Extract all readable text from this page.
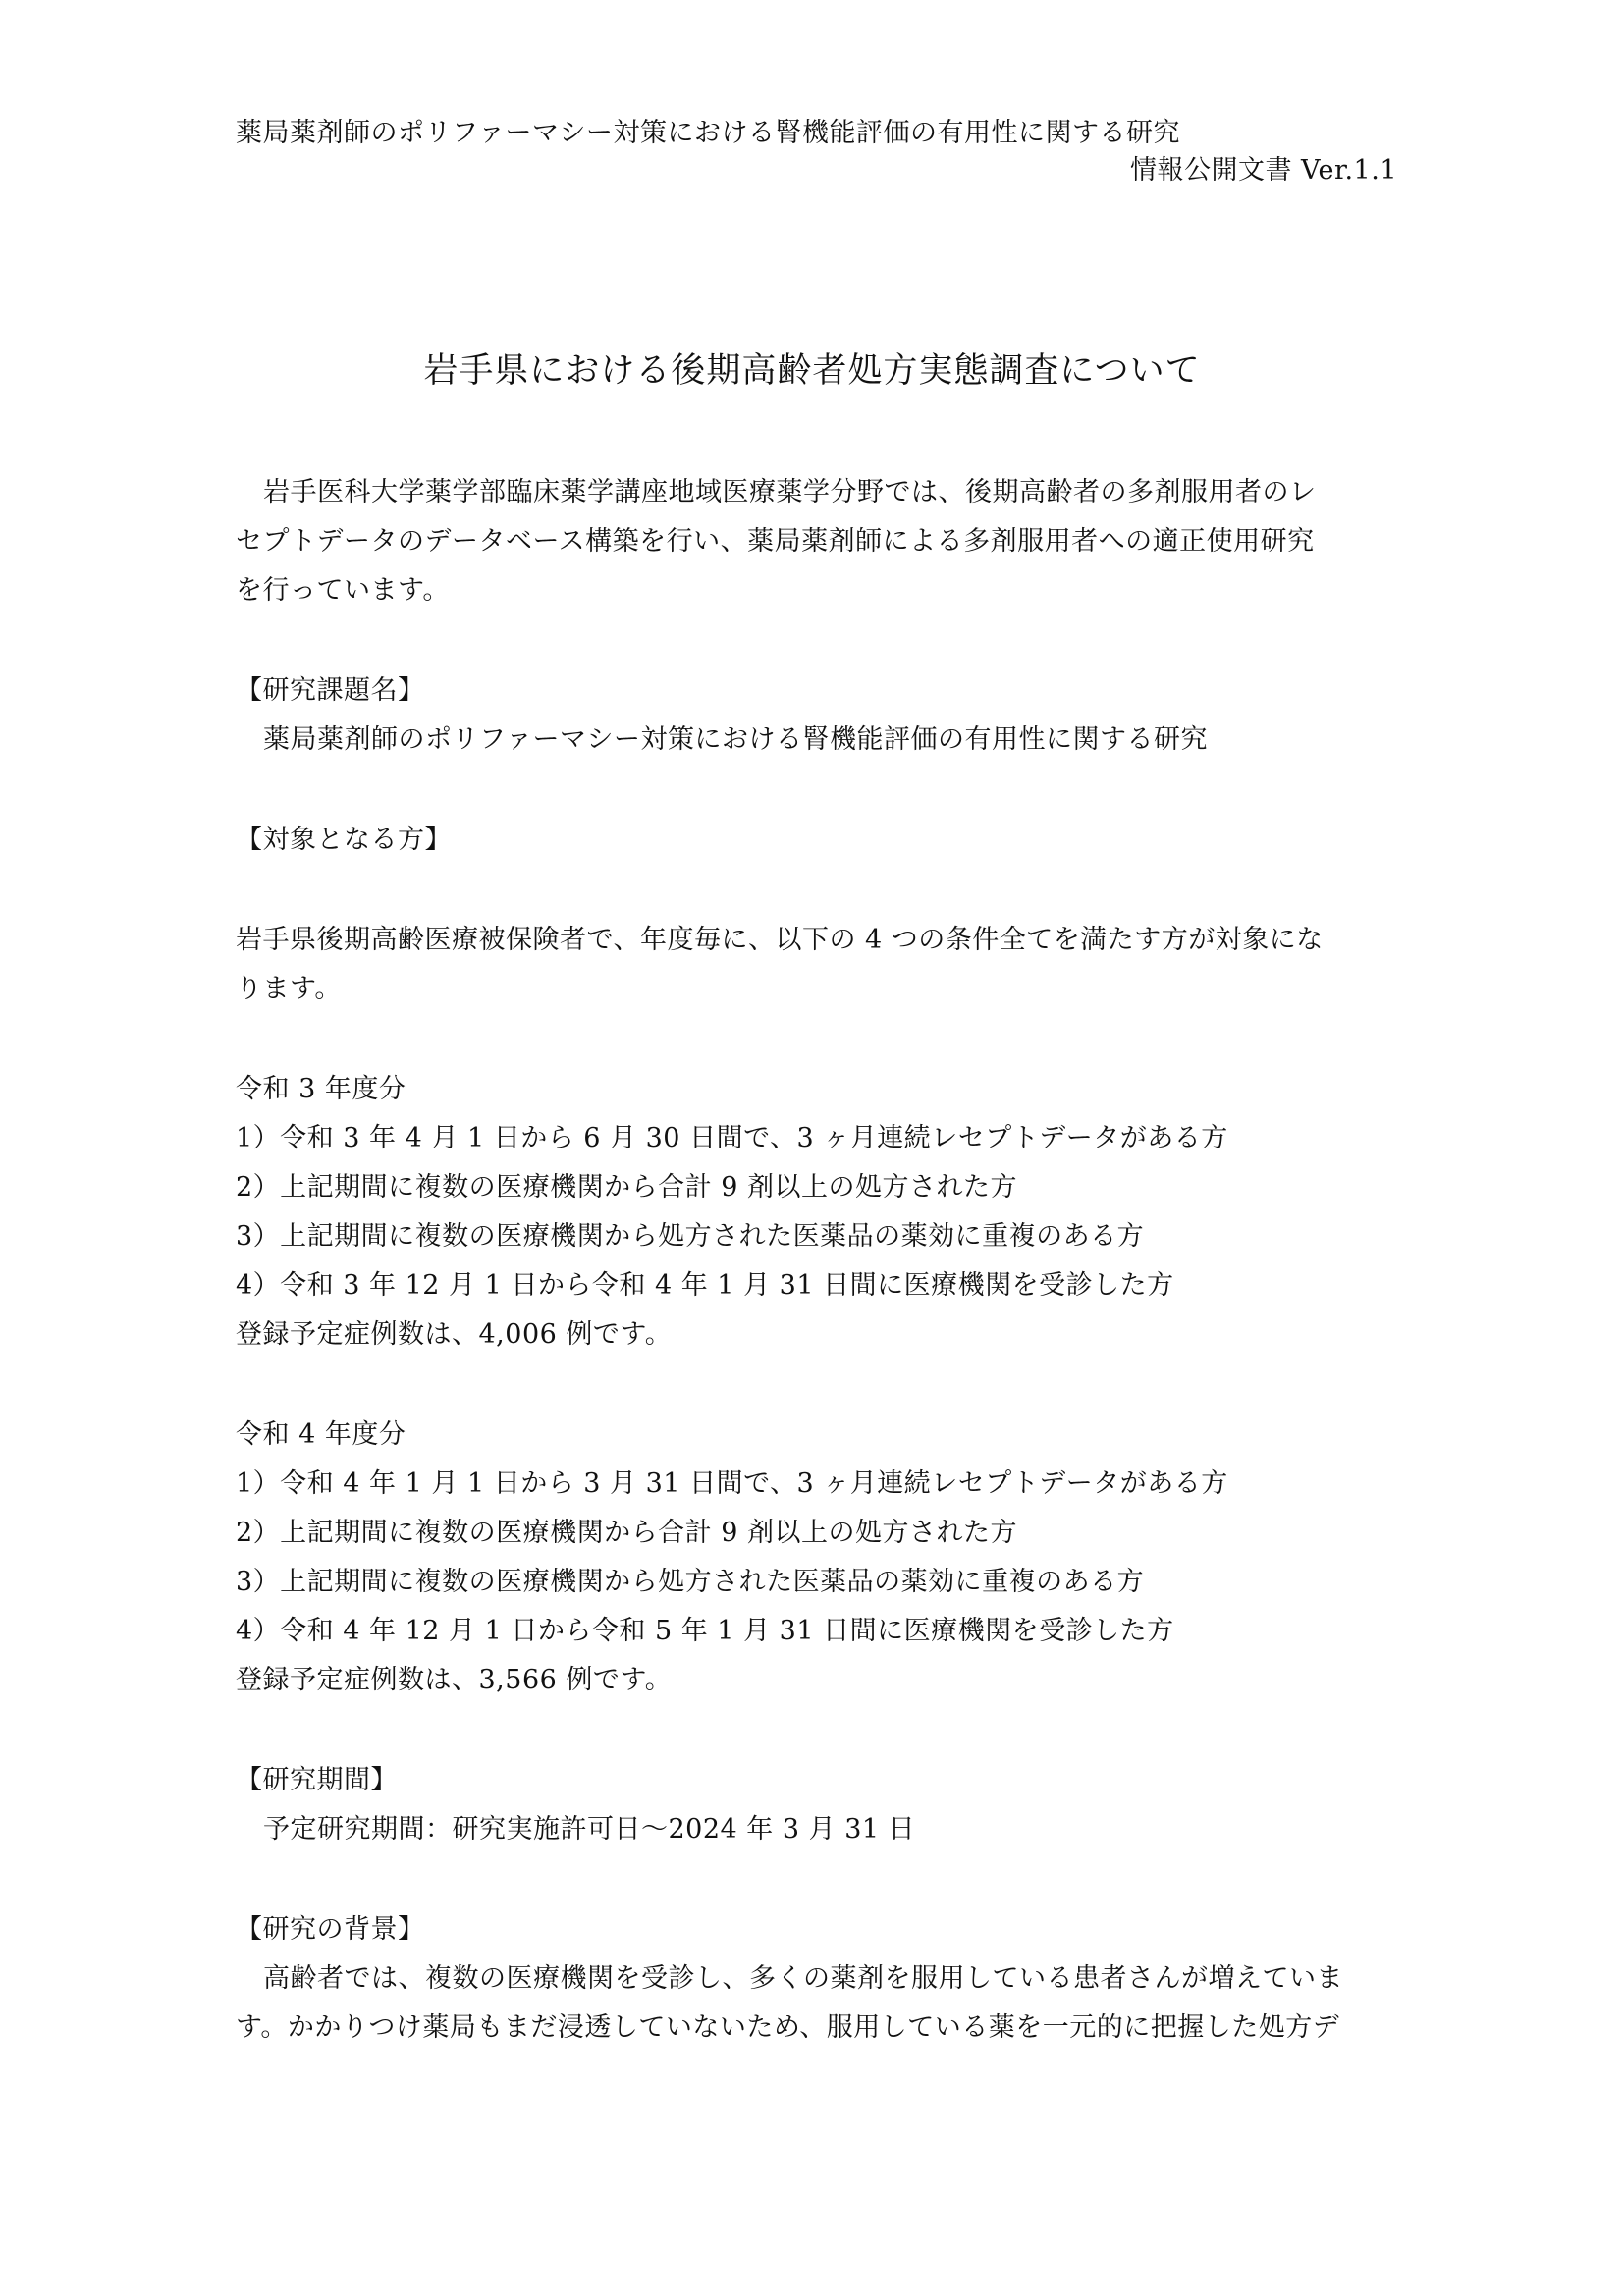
薬局薬剤師のポリファーマシー対策における腎機能評価の有用性に関する研究
情報公開文書 Ver.1.1
岩手県における後期高齢者処方実態調査について
岩手医科大学薬学部臨床薬学講座地域医療薬学分野では、後期高齢者の多剤服用者のレ
セプトデータのデータベース構築を行い、薬局薬剤師による多剤服用者への適正使用研究
を行っています。
【研究課題名】
薬局薬剤師のポリファーマシー対策における腎機能評価の有用性に関する研究
【対象となる方】
岩手県後期高齢医療被保険者で、年度毎に、以下の 4 つの条件全てを満たす方が対象にな
ります。
令和 3 年度分
1）令和 3 年 4 月 1 日から 6 月 30 日間で、3 ヶ月連続レセプトデータがある方
2）上記期間に複数の医療機関から合計 9 剤以上の処方された方
3）上記期間に複数の医療機関から処方された医薬品の薬効に重複のある方
4）令和 3 年 12 月 1 日から令和 4 年 1 月 31 日間に医療機関を受診した方
登録予定症例数は、4,006 例です。
令和 4 年度分
1）令和 4 年 1 月 1 日から 3 月 31 日間で、3 ヶ月連続レセプトデータがある方
2）上記期間に複数の医療機関から合計 9 剤以上の処方された方
3）上記期間に複数の医療機関から処方された医薬品の薬効に重複のある方
4）令和 4 年 12 月 1 日から令和 5 年 1 月 31 日間に医療機関を受診した方
登録予定症例数は、3,566 例です。
【研究期間】
予定研究期間：研究実施許可日～2024 年 3 月 31 日
【研究の背景】
高齢者では、複数の医療機関を受診し、多くの薬剤を服用している患者さんが増えていま
す。かかりつけ薬局もまだ浸透していないため、服用している薬を一元的に把握した処方デ
